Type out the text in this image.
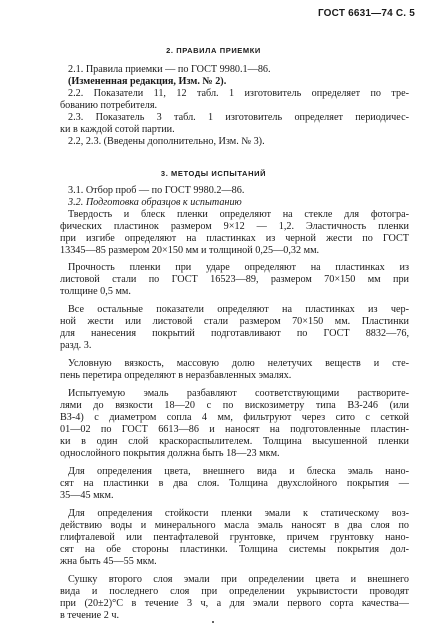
ГОСТ 6631—74 С. 5
2. ПРАВИЛА ПРИЕМКИ
2.1. Правила приемки — по ГОСТ 9980.1—86.
(Измененная редакция, Изм. № 2).
2.2. Показатели 11, 12 табл. 1 изготовитель определяет по тре-
бованию потребителя.
2.3. Показатель 3 табл. 1 изготовитель определяет периодичес-
ки в каждой сотой партии.
2.2, 2.3. (Введены дополнительно, Изм. № 3).
3. МЕТОДЫ ИСПЫТАНИЙ
3.1. Отбор проб — по ГОСТ 9980.2—86.
3.2. Подготовка образцов к испытанию
Твердость и блеск пленки определяют на стекле для фотогра-
фических пластинок размером 9×12 — 1,2. Эластичность пленки
при изгибе определяют на пластинках из черной жести по ГОСТ
13345—85 размером 20×150 мм и толщиной 0,25—0,32 мм.
Прочность пленки при ударе определяют на пластинках из
листовой стали по ГОСТ 16523—89, размером 70×150 мм при
толщине 0,5 мм.
Все остальные показатели определяют на пластинках из чер-
ной жести или листовой стали размером 70×150 мм. Пластинки
для нанесения покрытий подготавливают по ГОСТ 8832—76,
разд. 3.
Условную вязкость, массовую долю нелетучих веществ и сте-
пень перетира определяют в неразбавленных эмалях.
Испытуемую эмаль разбавляют соответствующими растворите-
лями до вязкости 18—20 с по вискозиметру типа ВЗ-246 (или
ВЗ-4) с диаметром сопла 4 мм, фильтруют через сито с сеткой
01—02 по ГОСТ 6613—86 и наносят на подготовленные пластин-
ки в один слой краскораспылителем. Толщина высушенной пленки
однослойного покрытия должна быть 18—23 мкм.
Для определения цвета, внешнего вида и блеска эмаль нано-
сят на пластинки в два слоя. Толщина двухслойного покрытия —
35—45 мкм.
Для определения стойкости пленки эмали к статическому воз-
действию воды и минерального масла эмаль наносят в два слоя по
глифталевой или пентафталевой грунтовке, причем грунтовку нано-
сят на обе стороны пластинки. Толщина системы покрытия дол-
жна быть 45—55 мкм.
Сушку второго слоя эмали при определении цвета и внешнего
вида и последнего слоя при определении укрывистости проводят
при (20±2)°С в течение 3 ч, а для эмали первого сорта качества—
в течение 2 ч.
